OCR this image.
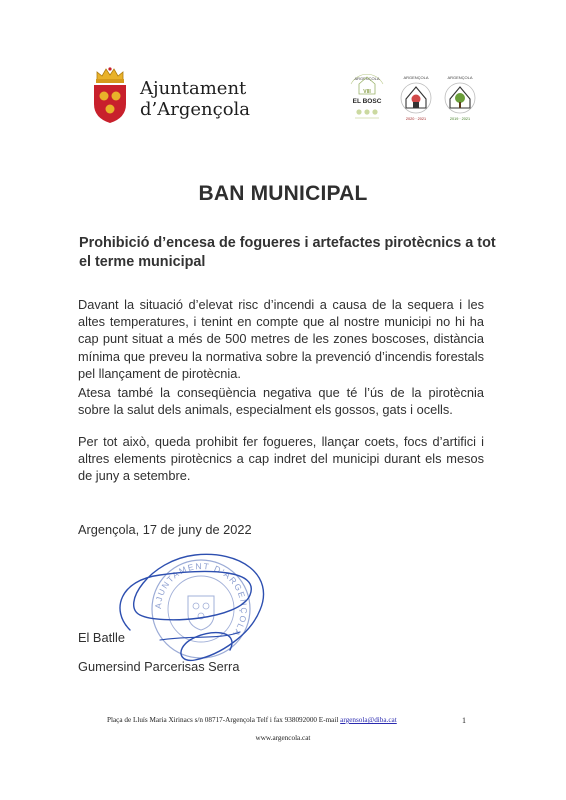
Ajuntament
d’Argençola
ARGENÇOLA
VIII
EL BOSC
ARGENÇOLA
2020 · 2021
ARGENÇOLA
2019 · 2021
BAN MUNICIPAL
Prohibició d’encesa de fogueres i artefactes pirotècnics a tot el terme municipal

Davant la situació d’elevat risc d’incendi a causa de la sequera i les altes temperatures, i tenint en compte que al nostre municipi no hi ha cap punt situat a més de 500 metres de les zones boscoses, distància mínima que preveu la normativa sobre la prevenció d’incendis forestals pel llançament de pirotècnia.

Atesa també la conseqüència negativa que té l’ús de la pirotècnia sobre la salut dels animals, especialment els gossos, gats i ocells.

Per tot això, queda prohibit fer fogueres, llançar coets, focs d’artifici i altres elements pirotècnics a cap indret del municipi durant els mesos de juny a setembre.

Argençola, 17 de juny de 2022
AJUNTAMENT D'ARGENÇOLA
El Batlle
Gumersind Parcerisas Serra
Plaça de Lluís Maria Xirinacs s/n 08717-Argençola Telf i fax 938092000 E-mail argensola@diba.cat	1
www.argencola.cat
